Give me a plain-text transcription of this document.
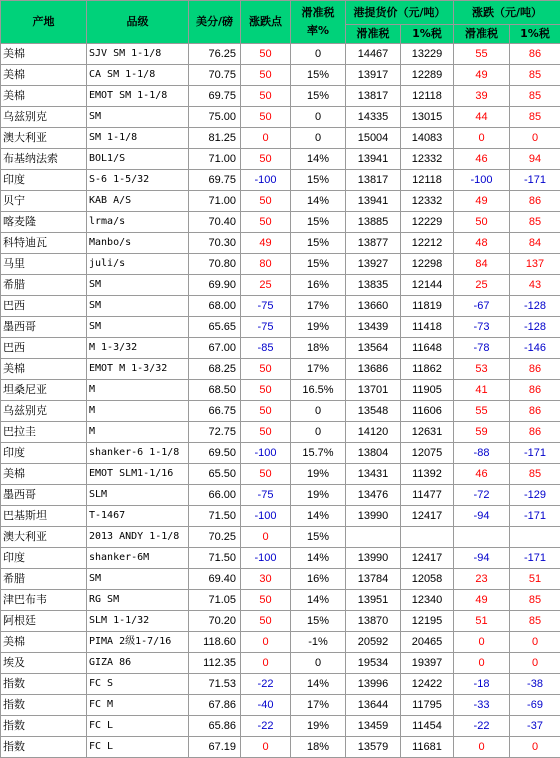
产地	品级	美分/磅	涨跌点	滑准税率%	港提货价（元/吨）		涨跌（元/吨）	
					滑准税	1%税	滑准税	1%税
美棉	SJV SM 1-1/8	76.25	50	0	14467	13229	55	86
美棉	CA SM 1-1/8	70.75	50	15%	13917	12289	49	85
美棉	EMOT SM 1-1/8	69.75	50	15%	13817	12118	39	85
乌兹别克	SM	75.00	50	0	14335	13015	44	85
澳大利亚	SM 1-1/8	81.25	0	0	15004	14083	0	0
布基纳法索	BOL1/S	71.00	50	14%	13941	12332	46	94
印度	S-6 1-5/32	69.75	-100	15%	13817	12118	-100	-171
贝宁	KAB A/S	71.00	50	14%	13941	12332	49	86
喀麦隆	lrma/s	70.40	50	15%	13885	12229	50	85
科特迪瓦	Manbo/s	70.30	49	15%	13877	12212	48	84
马里	juli/s	70.80	80	15%	13927	12298	84	137
希腊	SM	69.90	25	16%	13835	12144	25	43
巴西	SM	68.00	-75	17%	13660	11819	-67	-128
墨西哥	SM	65.65	-75	19%	13439	11418	-73	-128
巴西	M 1-3/32	67.00	-85	18%	13564	11648	-78	-146
美棉	EMOT M 1-3/32	68.25	50	17%	13686	11862	53	86
坦桑尼亚	M	68.50	50	16.5%	13701	11905	41	86
乌兹别克	M	66.75	50	0	13548	11606	55	86
巴拉圭	M	72.75	50	0	14120	12631	59	86
印度	shanker-6 1-1/8	69.50	-100	15.7%	13804	12075	-88	-171
美棉	EMOT SLM1-1/16	65.50	50	19%	13431	11392	46	85
墨西哥	SLM	66.00	-75	19%	13476	11477	-72	-129
巴基斯坦	T-1467	71.50	-100	14%	13990	12417	-94	-171
澳大利亚	2013 ANDY 1-1/8	70.25	0	15%				
印度	shanker-6M	71.50	-100	14%	13990	12417	-94	-171
希腊	SM	69.40	30	16%	13784	12058	23	51
津巴布韦	RG SM	71.05	50	14%	13951	12340	49	85
阿根廷	SLM 1-1/32	70.20	50	15%	13870	12195	51	85
美棉	PIMA 2级1-7/16	118.60	0	-1%	20592	20465	0	0
埃及	GIZA 86	112.35	0	0	19534	19397	0	0
指数	FC S	71.53	-22	14%	13996	12422	-18	-38
指数	FC M	67.86	-40	17%	13644	11795	-33	-69
指数	FC L	65.86	-22	19%	13459	11454	-22	-37
指数	FC L	67.19	0	18%	13579	11681	0	0
